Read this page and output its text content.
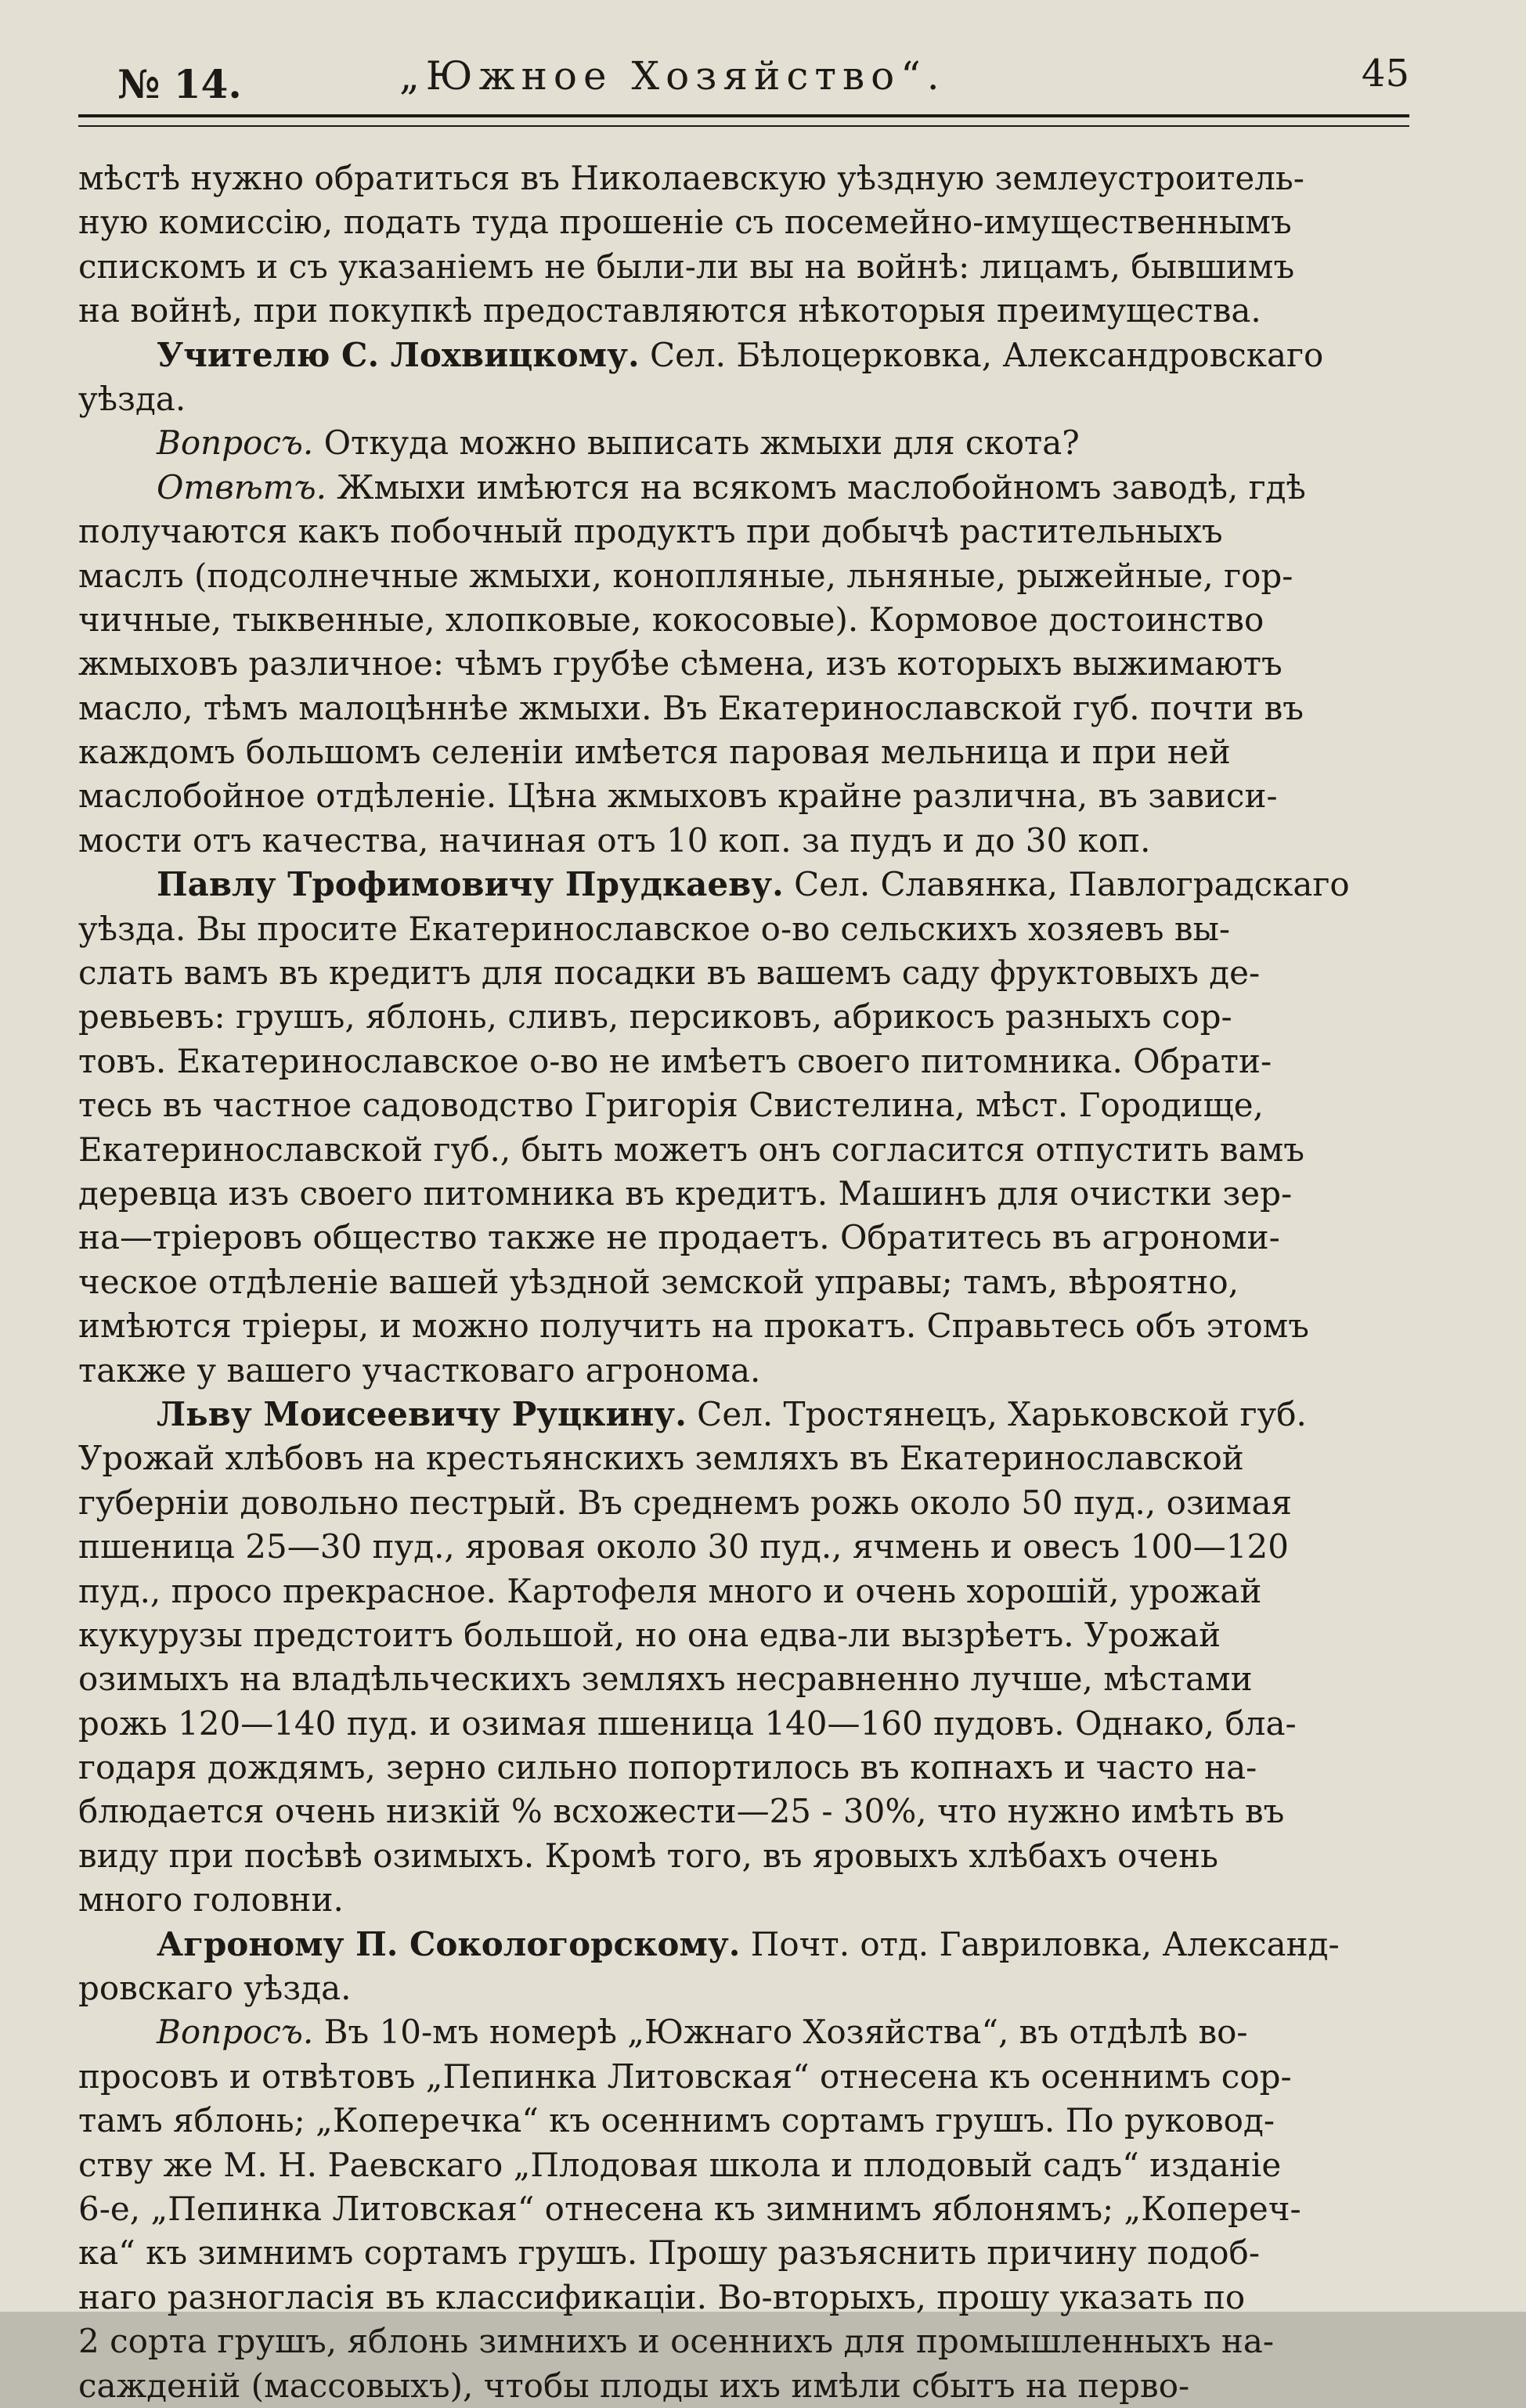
№ 14.	„Южное Хозяйство“.	45
мѣстѣ нужно обратиться въ Николаевскую уѣздную землеустроитель-
ную комиссію, подать туда прошеніе съ посемейно-имущественнымъ
спискомъ и съ указаніемъ не были-ли вы на войнѣ: лицамъ, бывшимъ
на войнѣ, при покупкѣ предоставляются нѣкоторыя преимущества.
Учителю С. Лохвицкому. Сел. Бѣлоцерковка, Александровскаго
уѣзда.
Вопросъ. Откуда можно выписать жмыхи для скота?
Отвѣтъ. Жмыхи имѣются на всякомъ маслобойномъ заводѣ, гдѣ
получаются какъ побочный продуктъ при добычѣ растительныхъ
маслъ (подсолнечные жмыхи, конопляные, льняные, рыжейные, гор-
чичные, тыквенные, хлопковые, кокосовые). Кормовое достоинство
жмыховъ различное: чѣмъ грубѣе сѣмена, изъ которыхъ выжимаютъ
масло, тѣмъ малоцѣннѣе жмыхи. Въ Екатеринославской губ. почти въ
каждомъ большомъ селеніи имѣется паровая мельница и при ней
маслобойное отдѣленіе. Цѣна жмыховъ крайне различна, въ зависи-
мости отъ качества, начиная отъ 10 коп. за пудъ и до 30 коп.
Павлу Трофимовичу Прудкаеву. Сел. Славянка, Павлоградскаго
уѣзда. Вы просите Екатеринославское о-во сельскихъ хозяевъ вы-
слать вамъ въ кредитъ для посадки въ вашемъ саду фруктовыхъ де-
ревьевъ: грушъ, яблонь, сливъ, персиковъ, абрикосъ разныхъ сор-
товъ. Екатеринославское о-во не имѣетъ своего питомника. Обрати-
тесь въ частное садоводство Григорія Свистелина, мѣст. Городище,
Екатеринославской губ., быть можетъ онъ согласится отпустить вамъ
деревца изъ своего питомника въ кредитъ. Машинъ для очистки зер-
на—тріеровъ общество также не продаетъ. Обратитесь въ агрономи-
ческое отдѣленіе вашей уѣздной земской управы; тамъ, вѣроятно,
имѣются тріеры, и можно получить на прокатъ. Справьтесь объ этомъ
также у вашего участковаго агронома.
Льву Моисеевичу Руцкину. Сел. Тростянецъ, Харьковской губ.
Урожай хлѣбовъ на крестьянскихъ земляхъ въ Екатеринославской
губерніи довольно пестрый. Въ среднемъ рожь около 50 пуд., озимая
пшеница 25—30 пуд., яровая около 30 пуд., ячмень и овесъ 100—120
пуд., просо прекрасное. Картофеля много и очень хорошій, урожай
кукурузы предстоитъ большой, но она едва-ли вызрѣетъ. Урожай
озимыхъ на владѣльческихъ земляхъ несравненно лучше, мѣстами
рожь 120—140 пуд. и озимая пшеница 140—160 пудовъ. Однако, бла-
годаря дождямъ, зерно сильно попортилось въ копнахъ и часто на-
блюдается очень низкій % всхожести—25 - 30%, что нужно имѣть въ
виду при посѣвѣ озимыхъ. Кромѣ того, въ яровыхъ хлѣбахъ очень
много головни.
Агроному П. Сокологорскому. Почт. отд. Гавриловка, Александ-
ровскаго уѣзда.
Вопросъ. Въ 10-мъ номерѣ „Южнаго Хозяйства“, въ отдѣлѣ во-
просовъ и отвѣтовъ „Пепинка Литовская“ отнесена къ осеннимъ сор-
тамъ яблонь; „Коперечка“ къ осеннимъ сортамъ грушъ. По руковод-
ству же М. Н. Раевскаго „Плодовая школа и плодовый садъ“ изданіе
6-е, „Пепинка Литовская“ отнесена къ зимнимъ яблонямъ; „Копереч-
ка“ къ зимнимъ сортамъ грушъ. Прошу разъяснить причину подоб-
наго разногласія въ классификаціи. Во-вторыхъ, прошу указать по
2 сорта грушъ, яблонь зимнихъ и осеннихъ для промышленныхъ на-
сажденій (массовыхъ), чтобы плоды ихъ имѣли сбытъ на перво-
